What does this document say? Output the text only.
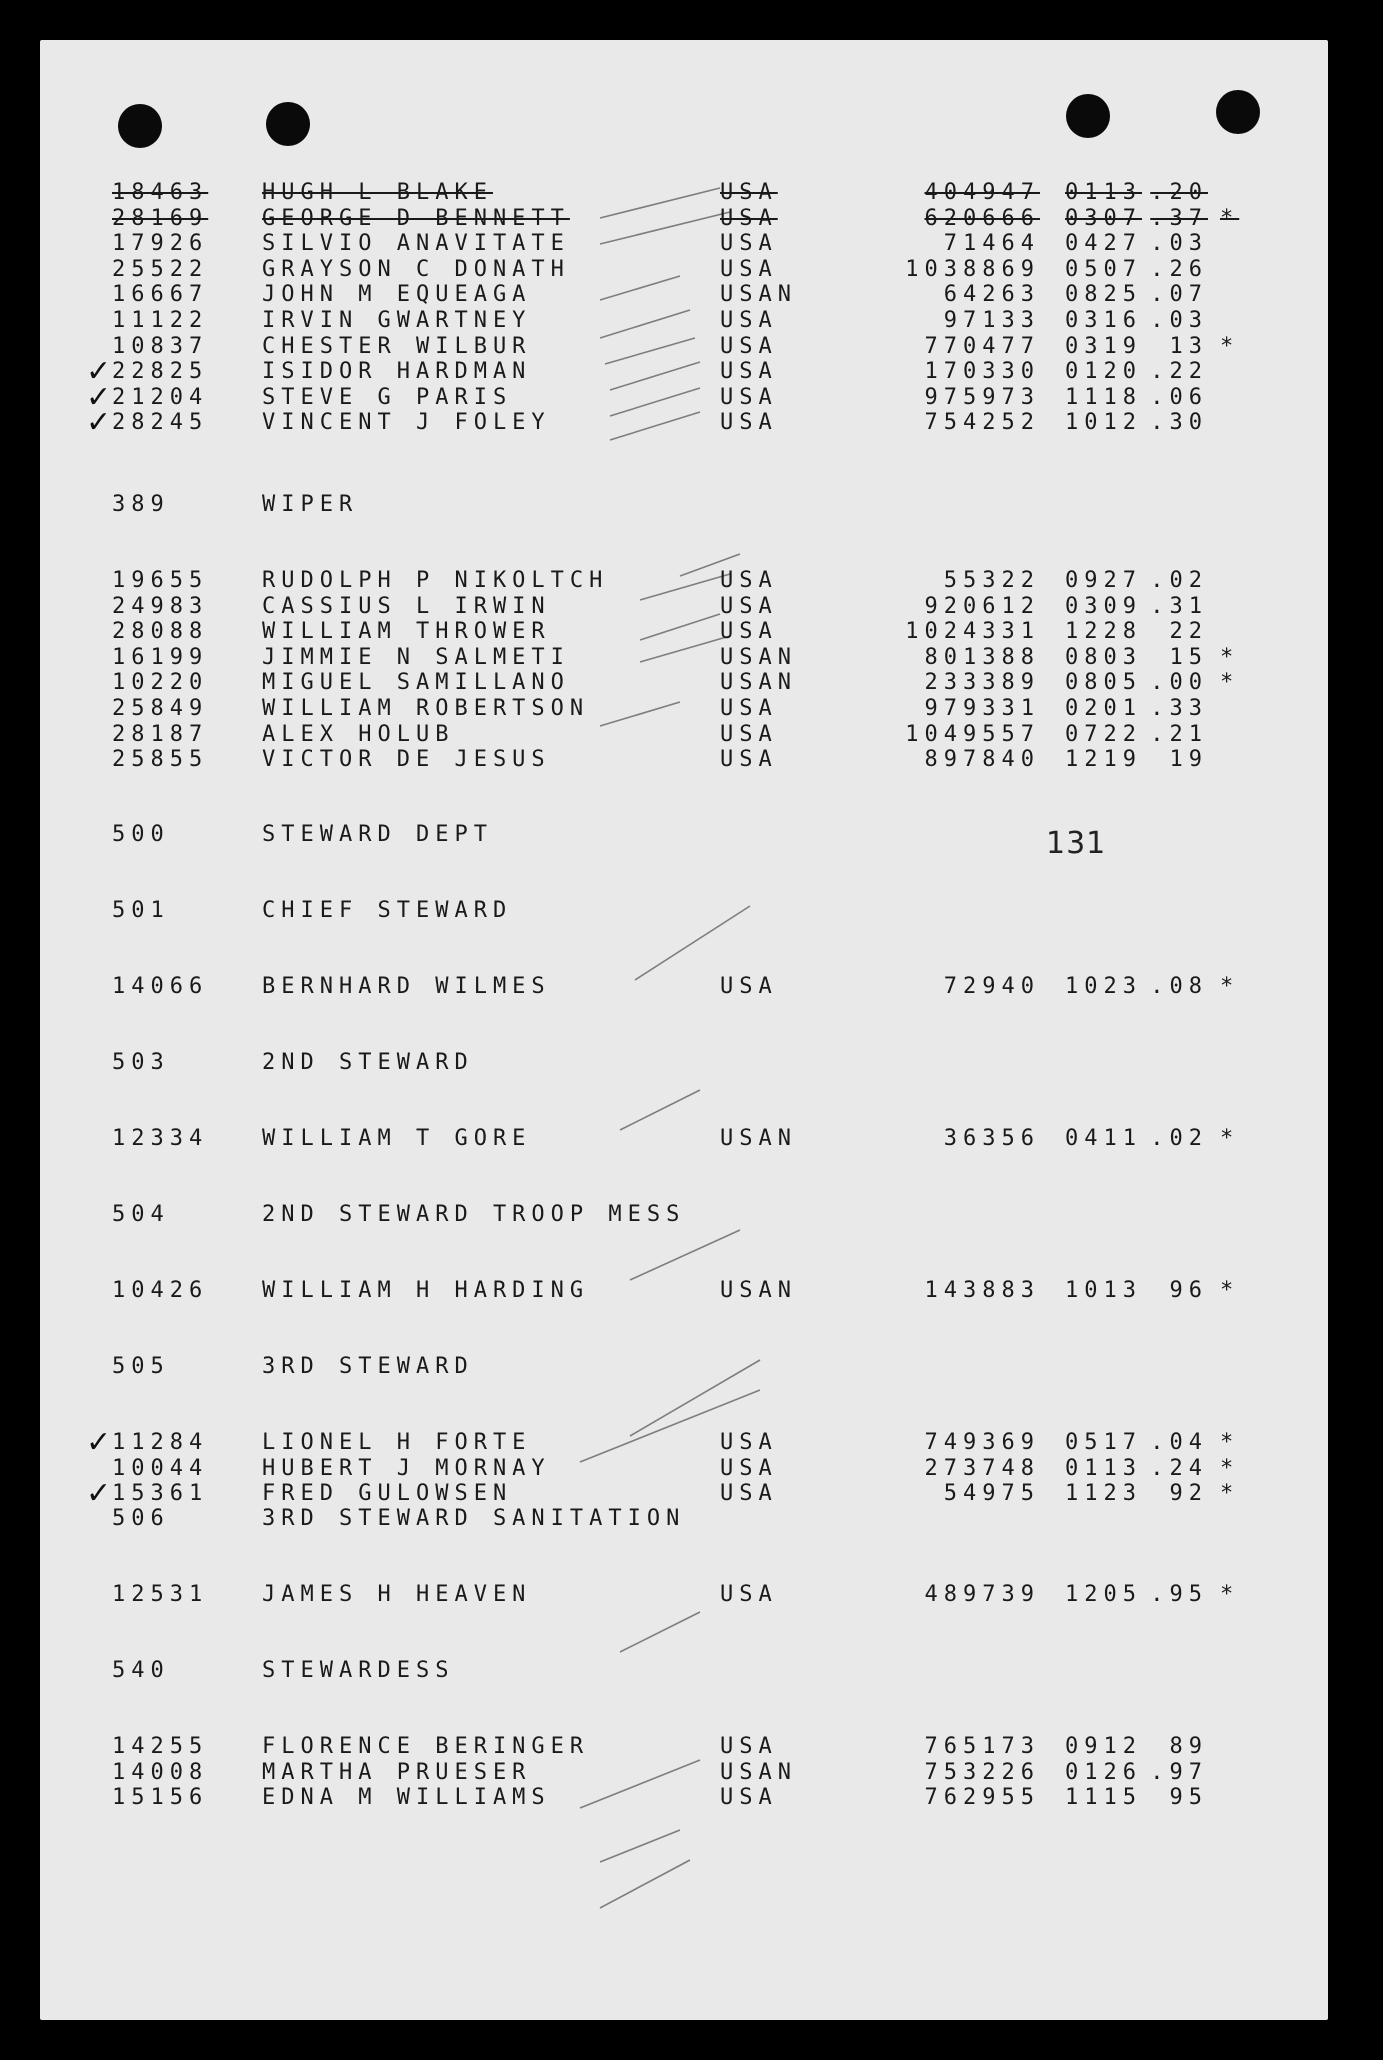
131
18463 HUGH L BLAKE	USA	404947	0113 .20
28169 GEORGE D BENNETT	USA	620666	0307 .37 *
17926 SILVIO ANAVITATE	USA	71464	0427 .03
25522 GRAYSON C DONATH	USA	1038869	0507 .26
16667 JOHN M EQUEAGA	USAN	64263	0825 .07
11122 IRVIN GWARTNEY	USA	97133	0316 .03
10837 CHESTER WILBUR	USA	770477	0319	13 *
22825 ISIDOR HARDMAN	USA	170330	0120 .22
✓
21204 STEVE G PARIS	USA	975973	1118 .06
✓
28245 VINCENT J FOLEY	USA	754252	1012 .30
✓
389	WIPER
19655 RUDOLPH P NIKOLTCH	USA	55322	0927 .02
24983 CASSIUS L IRWIN	USA	920612	0309 .31
28088 WILLIAM THROWER	USA	1024331	1228	22
16199 JIMMIE N SALMETI	USAN	801388	0803	15 *
10220 MIGUEL SAMILLANO	USAN	233389	0805 .00 *
25849 WILLIAM ROBERTSON	USA	979331	0201 .33
28187 ALEX HOLUB	USA	1049557	0722 .21
25855 VICTOR DE JESUS	USA	897840	1219	19
500	STEWARD DEPT
501	CHIEF STEWARD
14066 BERNHARD WILMES	USA	72940	1023 .08 *
503	2ND STEWARD
12334 WILLIAM T GORE	USAN	36356	0411 .02 *
504	2ND STEWARD TROOP MESS
10426 WILLIAM H HARDING	USAN	143883	1013	96 *
505	3RD STEWARD
11284 LIONEL H FORTE	USA	749369	0517 .04 *
✓
10044 HUBERT J MORNAY	USA	273748	0113 .24 *
15361 FRED GULOWSEN	USA	54975	1123	92 *
✓
506	3RD STEWARD SANITATION
12531 JAMES H HEAVEN	USA	489739	1205 .95 *
540	STEWARDESS
14255 FLORENCE BERINGER	USA	765173	0912	89
14008 MARTHA PRUESER	USAN	753226	0126 .97
15156 EDNA M WILLIAMS	USA	762955	1115	95
